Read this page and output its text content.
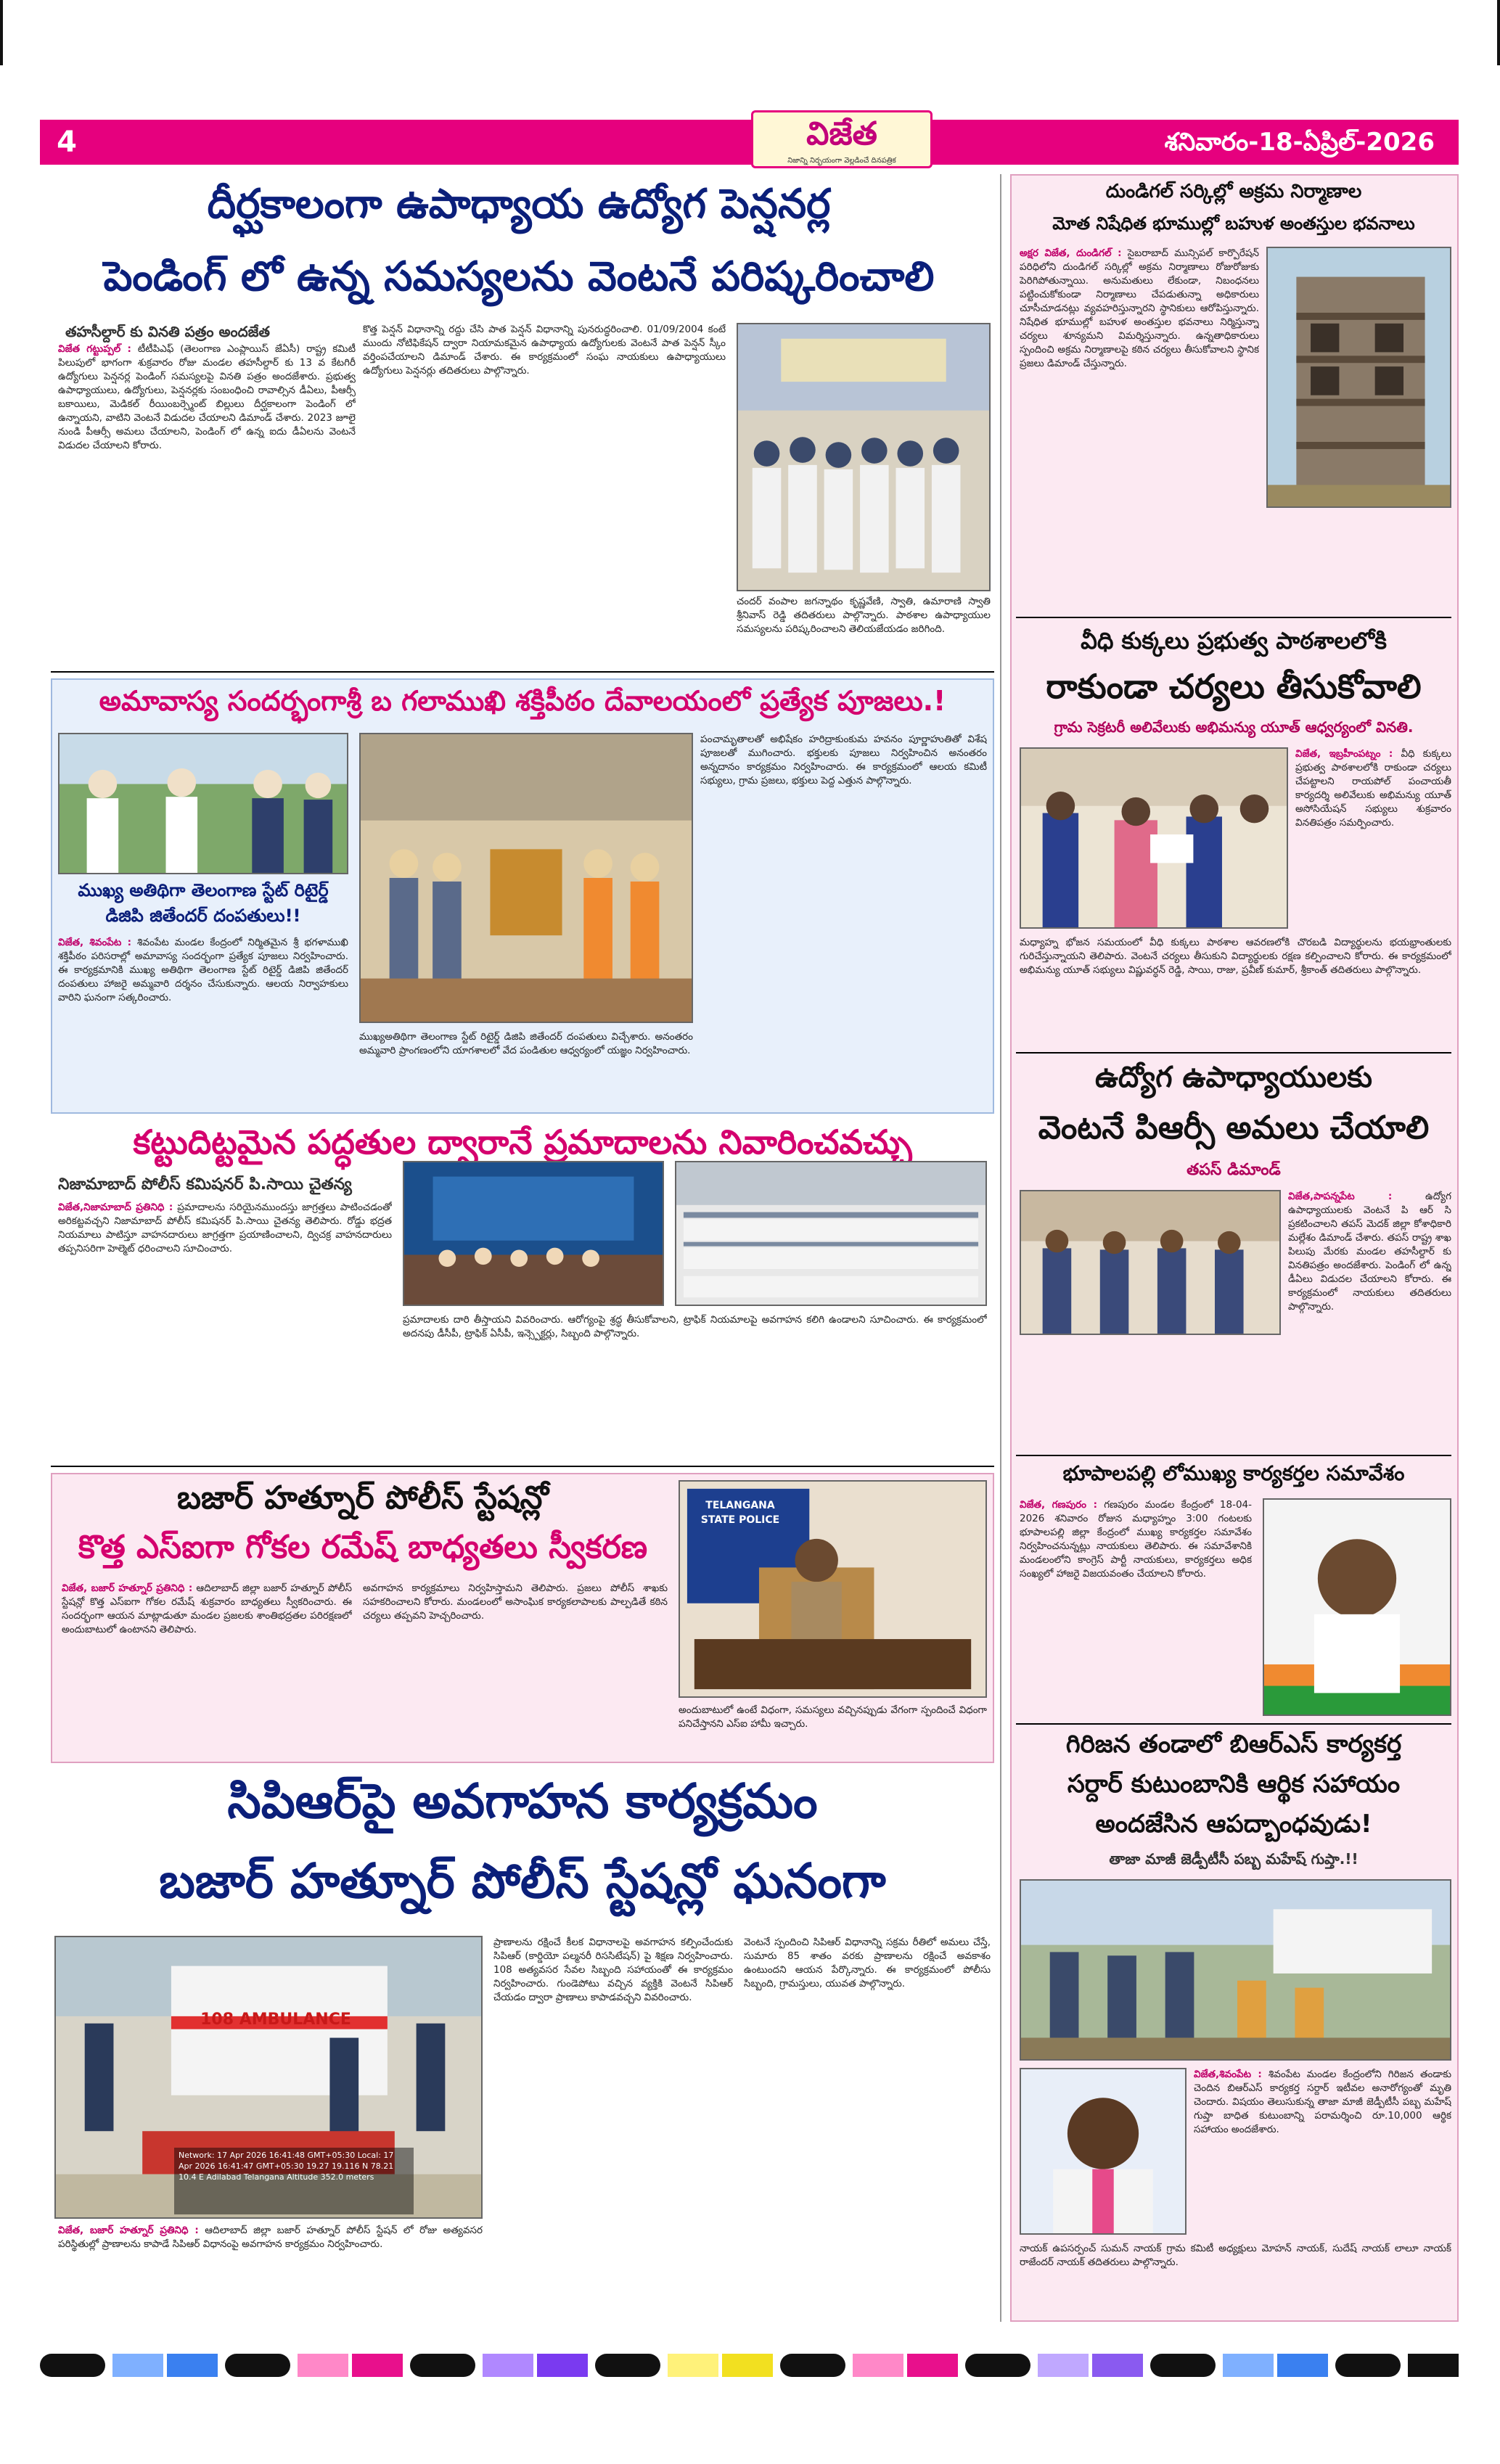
4	విజేత
నిజాన్ని నిర్భయంగా వెల్లడించే దినపత్రిక
శనివారం-18-ఏప్రిల్-2026
దీర్ఘకాలంగా ఉపాధ్యాయ ఉద్యోగ పెన్షనర్ల
పెండింగ్ లో ఉన్న సమస్యలను వెంటనే పరిష్కరించాలి
తహసీల్దార్ కు వినతి పత్రం అందజేత
విజేత గట్టుప్పల్ : టీటీపిఎఫ్ (తెలంగాణ ఎంప్లాయిస్ జేఏసీ) రాష్ట్ర కమిటీ పిలుపులో భాగంగా శుక్రవారం రోజు మండల తహసీల్దార్ కు 13 వ కేటగిరీ ఉద్యోగులు పెన్షనర్ల పెండింగ్ సమస్యలపై వినతి పత్రం అందజేశారు. ప్రభుత్వ ఉపాధ్యాయులు, ఉద్యోగులు, పెన్షనర్లకు సంబంధించి రావాల్సిన డీఏలు, పీఆర్సీ బకాయిలు, మెడికల్ రీయింబర్స్మెంట్ బిల్లులు దీర్ఘకాలంగా పెండింగ్ లో ఉన్నాయని, వాటిని వెంటనే విడుదల చేయాలని డిమాండ్ చేశారు. 2023 జూలై నుండి పీఆర్సీ అమలు చేయాలని, పెండింగ్ లో ఉన్న ఐదు డీఏలను వెంటనే విడుదల చేయాలని కోరారు.
కొత్త పెన్షన్ విధానాన్ని రద్దు చేసి పాత పెన్షన్ విధానాన్ని పునరుద్ధరించాలి. 01/09/2004 కంటే ముందు నోటిఫికేషన్ ద్వారా నియామకమైన ఉపాధ్యాయ ఉద్యోగులకు వెంటనే పాత పెన్షన్ స్కీం వర్తింపచేయాలని డిమాండ్ చేశారు. ఈ కార్యక్రమంలో సంఘ నాయకులు ఉపాధ్యాయులు ఉద్యోగులు పెన్షనర్లు తదితరులు పాల్గొన్నారు.
చందర్ వంపాల జగన్నాథం కృష్ణవేణి, స్వాతి, ఉమారాణి స్వాతి శ్రీనివాస్ రెడ్డి తదితరులు పాల్గొన్నారు. పాఠశాల ఉపాధ్యాయుల సమస్యలను పరిష్కరించాలని తెలియజేయడం జరిగింది.
అమావాస్య సందర్భంగాశ్రీ బ గలాముఖి శక్తిపీఠం దేవాలయంలో ప్రత్యేక పూజలు.!
ముఖ్య అతిథిగా తెలంగాణ స్టేట్ రిటైర్డ్
డిజిపి జితేందర్ దంపతులు!!
విజేత, శివంపేట : శివంపేట మండల కేంద్రంలో నిర్మితమైన శ్రీ భగళాముఖి శక్తిపీఠం పరిసరాల్లో అమావాస్య సందర్భంగా ప్రత్యేక పూజలు నిర్వహించారు. ఈ కార్యక్రమానికి ముఖ్య అతిథిగా తెలంగాణ స్టేట్ రిటైర్డ్ డిజిపి జితేందర్ దంపతులు హాజరై అమ్మవారి దర్శనం చేసుకున్నారు. ఆలయ నిర్వాహకులు వారిని ఘనంగా సత్కరించారు.
ముఖ్యఅతిథిగా తెలంగాణ స్టేట్ రిటైర్డ్ డిజిపి జితేందర్ దంపతులు విచ్చేశారు. అనంతరం అమ్మవారి ప్రాంగణంలోని యాగశాలలో వేద పండితుల ఆధ్వర్యంలో యజ్ఞం నిర్వహించారు.
పంచామృతాలతో అభిషేకం హరిద్రాకుంకుమ హవనం పూర్ణాహుతితో విశేష పూజలతో ముగించారు. భక్తులకు పూజలు నిర్వహించిన అనంతరం అన్నదానం కార్యక్రమం నిర్వహించారు. ఈ కార్యక్రమంలో ఆలయ కమిటీ సభ్యులు, గ్రామ ప్రజలు, భక్తులు పెద్ద ఎత్తున పాల్గొన్నారు.
కట్టుదిట్టమైన పద్ధతుల ద్వారానే ప్రమాదాలను నివారించవచ్చు
నిజామాబాద్ పోలీస్ కమిషనర్ పి.సాయి చైతన్య
విజేత,నిజామాబాద్ ప్రతినిధి : ప్రమాదాలను సరియైనముందస్తు జాగ్రత్తలు పాటించడంతో అరికట్టవచ్చని నిజామాబాద్ పోలీస్ కమిషనర్ పి.సాయి చైతన్య తెలిపారు. రోడ్డు భద్రత నియమాలు పాటిస్తూ వాహనదారులు జాగ్రత్తగా ప్రయాణించాలని, ద్విచక్ర వాహనదారులు తప్పనిసరిగా హెల్మెట్ ధరించాలని సూచించారు.
ప్రమాదాలకు దారి తీస్తాయని వివరించారు. ఆరోగ్యంపై శ్రద్ధ తీసుకోవాలని, ట్రాఫిక్ నియమాలపై అవగాహన కలిగి ఉండాలని సూచించారు. ఈ కార్యక్రమంలో అదనపు డీసీపీ, ట్రాఫిక్ ఏసీపీ, ఇన్స్పెక్టర్లు, సిబ్బంది పాల్గొన్నారు.
బజార్ హత్నూర్ పోలీస్ స్టేషన్లో
కొత్త ఎస్ఐగా గోకల రమేష్ బాధ్యతలు స్వీకరణ
విజేత, బజార్ హత్నూర్ ప్రతినిధి : ఆదిలాబాద్ జిల్లా బజార్ హత్నూర్ పోలీస్ స్టేషన్లో కొత్త ఎస్ఐగా గోకల రమేష్ శుక్రవారం బాధ్యతలు స్వీకరించారు. ఈ సందర్భంగా ఆయన మాట్లాడుతూ మండల ప్రజలకు శాంతిభద్రతల పరిరక్షణలో అందుబాటులో ఉంటానని తెలిపారు.
అవగాహన కార్యక్రమాలు నిర్వహిస్తామని తెలిపారు. ప్రజలు పోలీస్ శాఖకు సహకరించాలని కోరారు. మండలంలో అసాంఘిక కార్యకలాపాలకు పాల్పడితే కఠిన చర్యలు తప్పవని హెచ్చరించారు.
TELANGANA STATE POLICE
అందుబాటులో ఉంటే విధంగా, సమస్యలు వచ్చినప్పుడు వేగంగా స్పందించే విధంగా పనిచేస్తానని ఎస్ఐ హామీ ఇచ్చారు.
సిపిఆర్‌పై అవగాహన కార్యక్రమం
బజార్ హత్నూర్ పోలీస్ స్టేషన్లో ఘనంగా
108 AMBULANCE
Network: 17 Apr 2026 16:41:48 GMT+05:30 Local: 17 Apr 2026 16:41:47 GMT+05:30 19.27 19.116 N 78.21 10.4 E Adilabad Telangana Altitude 352.0 meters
విజేత, బజార్ హత్నూర్ ప్రతినిధి : ఆదిలాబాద్ జిల్లా బజార్ హత్నూర్ పోలీస్ స్టేషన్ లో రోజు అత్యవసర పరిస్థితుల్లో ప్రాణాలను కాపాడే సిపిఆర్ విధానంపై అవగాహన కార్యక్రమం నిర్వహించారు.
ప్రాణాలను రక్షించే కీలక విధానాలపై అవగాహన కల్పించేందుకు సిపిఆర్ (కార్డియో పల్మనరీ రిససిటేషన్) పై శిక్షణ నిర్వహించారు. 108 అత్యవసర సేవల సిబ్బంది సహాయంతో ఈ కార్యక్రమం నిర్వహించారు. గుండెపోటు వచ్చిన వ్యక్తికి వెంటనే సిపిఆర్ చేయడం ద్వారా ప్రాణాలు కాపాడవచ్చని వివరించారు.
వెంటనే స్పందించి సిపిఆర్ విధానాన్ని సక్రమ రీతిలో అమలు చేస్తే, సుమారు 85 శాతం వరకు ప్రాణాలను రక్షించే అవకాశం ఉంటుందని ఆయన పేర్కొన్నారు. ఈ కార్యక్రమంలో పోలీసు సిబ్బంది, గ్రామస్తులు, యువత పాల్గొన్నారు.
దుండిగల్ సర్కిల్లో అక్రమ నిర్మాణాల
మోత నిషేధిత భూముల్లో బహుళ అంతస్తుల భవనాలు
అక్షర విజేత, దుండిగల్ : సైబరాబాద్ మున్సిపల్ కార్పొరేషన్ పరిధిలోని దుండిగల్ సర్కిల్లో అక్రమ నిర్మాణాలు రోజురోజుకు పెరిగిపోతున్నాయి. అనుమతులు లేకుండా, నిబంధనలు పట్టించుకోకుండా నిర్మాణాలు చేపడుతున్నా అధికారులు చూసీచూడనట్లు వ్యవహరిస్తున్నారని స్థానికులు ఆరోపిస్తున్నారు. నిషేధిత భూముల్లో బహుళ అంతస్తుల భవనాలు నిర్మిస్తున్నా చర్యలు శూన్యమని విమర్శిస్తున్నారు. ఉన్నతాధికారులు స్పందించి అక్రమ నిర్మాణాలపై కఠిన చర్యలు తీసుకోవాలని స్థానిక ప్రజలు డిమాండ్ చేస్తున్నారు.
వీధి కుక్కలు ప్రభుత్వ పాఠశాలలోకి
రాకుండా చర్యలు తీసుకోవాలి
గ్రామ సెక్రటరీ అలివేలుకు అభిమన్యు యూత్ ఆధ్వర్యంలో వినతి.
విజేత, ఇబ్రహీంపట్నం : వీధి కుక్కలు ప్రభుత్వ పాఠశాలలోకి రాకుండా చర్యలు చేపట్టాలని రాయపోల్ పంచాయతీ కార్యదర్శి అలివేలుకు అభిమన్యు యూత్ అసోసియేషన్ సభ్యులు శుక్రవారం వినతిపత్రం సమర్పించారు.
మధ్యాహ్న భోజన సమయంలో వీధి కుక్కలు పాఠశాల ఆవరణలోకి చొరబడి విద్యార్థులను భయభ్రాంతులకు గురిచేస్తున్నాయని తెలిపారు. వెంటనే చర్యలు తీసుకుని విద్యార్థులకు రక్షణ కల్పించాలని కోరారు. ఈ కార్యక్రమంలో అభిమన్యు యూత్ సభ్యులు విష్ణువర్ధన్ రెడ్డి, సాయి, రాజు, ప్రవీణ్ కుమార్, శ్రీకాంత్ తదితరులు పాల్గొన్నారు.
ఉద్యోగ ఉపాధ్యాయులకు
వెంటనే పిఆర్సీ అమలు చేయాలి
తపస్ డిమాండ్
విజేత,పాపన్నపేట :	ఉద్యోగ ఉపాధ్యాయులకు వెంటనే పి ఆర్ సి ప్రకటించాలని తపస్ మెదక్ జిల్లా కోశాధికారి మల్లేశం డిమాండ్ చేశారు. తపస్ రాష్ట్ర శాఖ పిలుపు మేరకు మండల తహసీల్దార్ కు వినతిపత్రం అందజేశారు. పెండింగ్ లో ఉన్న డీఏలు విడుదల చేయాలని కోరారు. ఈ కార్యక్రమంలో నాయకులు తదితరులు పాల్గొన్నారు.
భూపాలపల్లి లోముఖ్య కార్యకర్తల సమావేశం
విజేత, గణపురం : గణపురం మండల కేంద్రంలో 18-04-2026 శనివారం రోజున మధ్యాహ్నం 3:00 గంటలకు భూపాలపల్లి జిల్లా కేంద్రంలో ముఖ్య కార్యకర్తల సమావేశం నిర్వహించనున్నట్లు నాయకులు తెలిపారు. ఈ సమావేశానికి మండలంలోని కాంగ్రెస్ పార్టీ నాయకులు, కార్యకర్తలు అధిక సంఖ్యలో హాజరై విజయవంతం చేయాలని కోరారు.
గిరిజన తండాలో బిఆర్ఎస్ కార్యకర్త
సర్దార్ కుటుంబానికి ఆర్థిక సహాయం
అందజేసిన ఆపద్బాంధవుడు!
తాజా మాజీ జెడ్పీటీసీ పబ్బ మహేష్ గుప్తా.!!
విజేత,శివంపేట : శివంపేట మండల కేంద్రంలోని గిరిజన తండాకు చెందిన బిఆర్ఎస్ కార్యకర్త సర్దార్ ఇటీవల అనారోగ్యంతో మృతి చెందారు. విషయం తెలుసుకున్న తాజా మాజీ జెడ్పీటీసీ పబ్బ మహేష్ గుప్తా బాధిత కుటుంబాన్ని పరామర్శించి రూ.10,000 ఆర్థిక సహాయం అందజేశారు.
నాయక్ ఉపసర్పంచ్ సుమన్ నాయక్ గ్రామ కమిటీ అధ్యక్షులు మోహన్ నాయక్, సుదేష్ నాయక్ లాలూ నాయక్ రాజేందర్ నాయక్ తదితరులు పాల్గొన్నారు.
